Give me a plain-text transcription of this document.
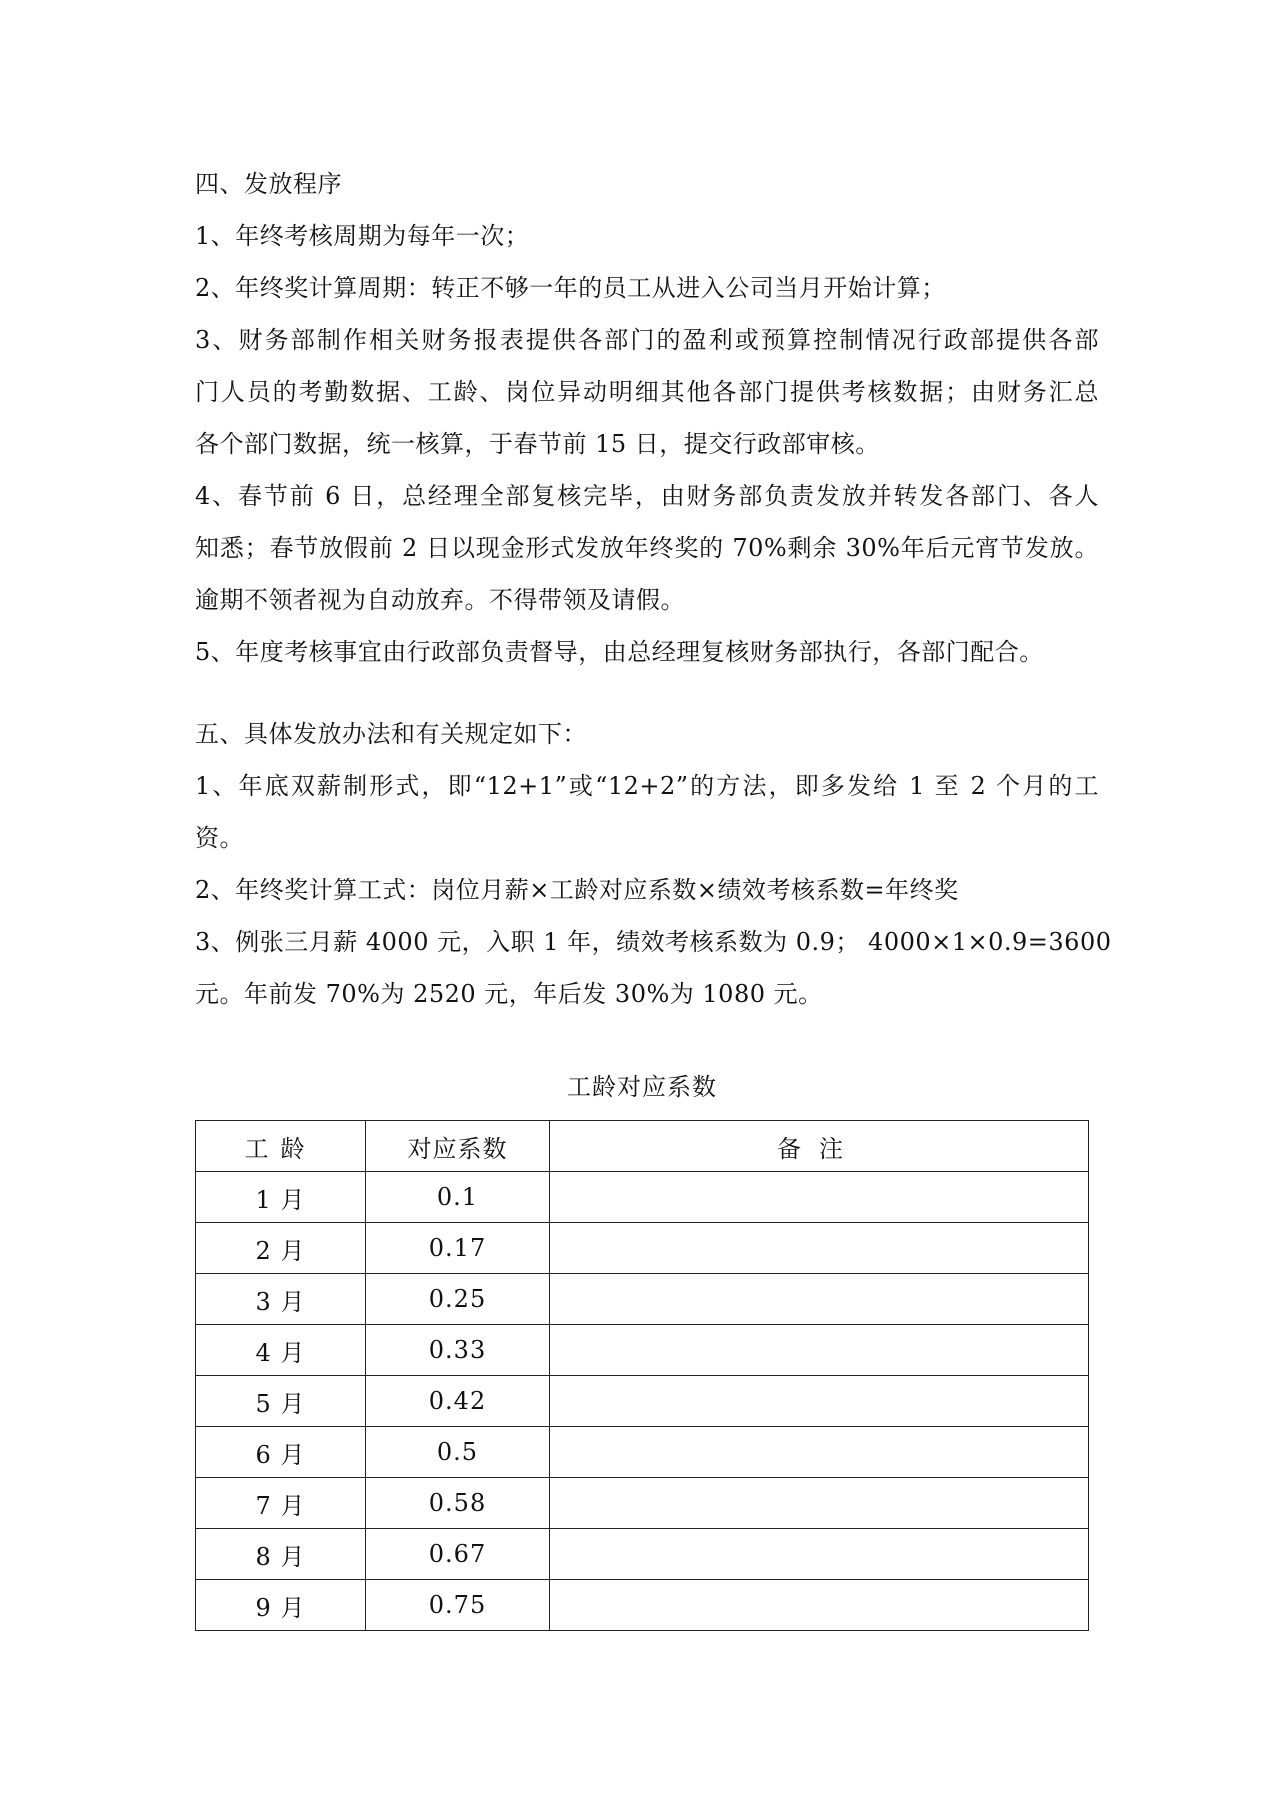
四、发放程序
1、年终考核周期为每年一次；
2、年终奖计算周期：转正不够一年的员工从进入公司当月开始计算；
3、财务部制作相关财务报表提供各部门的盈利或预算控制情况行政部提供各部
门人员的考勤数据、工龄、岗位异动明细其他各部门提供考核数据；由财务汇总
各个部门数据，统一核算，于春节前 15 日，提交行政部审核。
4、春节前 6 日，总经理全部复核完毕，由财务部负责发放并转发各部门、各人
知悉；春节放假前 2 日以现金形式发放年终奖的 70%剩余 30%年后元宵节发放。
逾期不领者视为自动放弃。不得带领及请假。
5、年度考核事宜由行政部负责督导，由总经理复核财务部执行，各部门配合。
五、具体发放办法和有关规定如下：
1、年底双薪制形式，即“12+1”或“12+2”的方法，即多发给 1 至 2 个月的工
资。
2、年终奖计算工式：岗位月薪×工龄对应系数×绩效考核系数=年终奖
3、例张三月薪 4000 元，入职 1 年，绩效考核系数为 0.9； 4000×1×0.9=3600
元。年前发 70%为 2520 元，年后发 30%为 1080 元。
工龄对应系数
工龄	对应系数	备注
1 月	0.1	
2 月	0.17	
3 月	0.25	
4 月	0.33	
5 月	0.42	
6 月	0.5	
7 月	0.58	
8 月	0.67	
9 月	0.75	
